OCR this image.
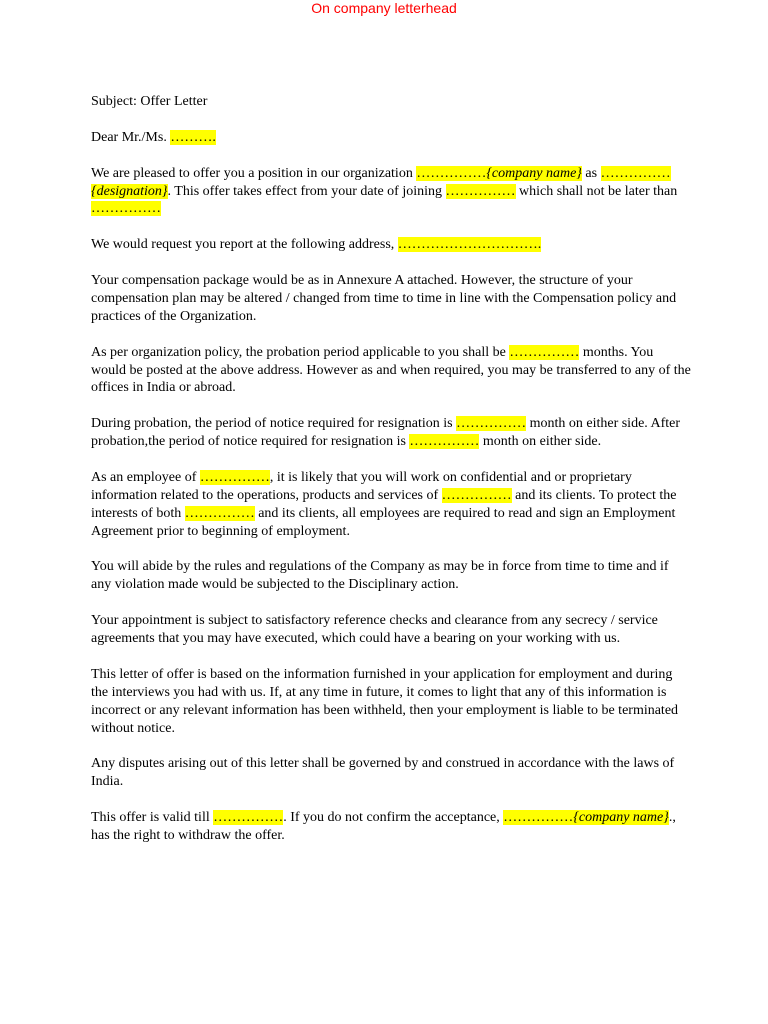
On company letterhead

Subject: Offer Letter

Dear Mr./Ms. ……….

We are pleased to offer you a position in our organization ……………{company name} as ……………{designation}. This offer takes effect from your date of joining …………… which shall not be later than ……………

We would request you report at the following address, ………………………….

Your compensation package would be as in Annexure A attached. However, the structure of your compensation plan may be altered / changed from time to time in line with the Compensation policy and practices of the Organization.

As per organization policy, the probation period applicable to you shall be …………… months. You would be posted at the above address. However as and when required, you may be transferred to any of the offices in India or abroad.

During probation, the period of notice required for resignation is …………… month on either side. After probation,the period of notice required for resignation is …………… month on either side.

As an employee of ……………, it is likely that you will work on confidential and or proprietary information related to the operations, products and services of …………… and its clients. To protect the interests of both …………… and its clients, all employees are required to read and sign an Employment Agreement prior to beginning of employment.

You will abide by the rules and regulations of the Company as may be in force from time to time and if any violation made would be subjected to the Disciplinary action.

Your appointment is subject to satisfactory reference checks and clearance from any secrecy / service agreements that you may have executed, which could have a bearing on your working with us.

This letter of offer is based on the information furnished in your application for employment and during the interviews you had with us. If, at any time in future, it comes to light that any of this information is incorrect or any relevant information has been withheld, then your employment is liable to be terminated without notice.

Any disputes arising out of this letter shall be governed by and construed in accordance with the laws of India.

This offer is valid till ……………. If you do not confirm the acceptance, ……………{company name}., has the right to withdraw the offer.
